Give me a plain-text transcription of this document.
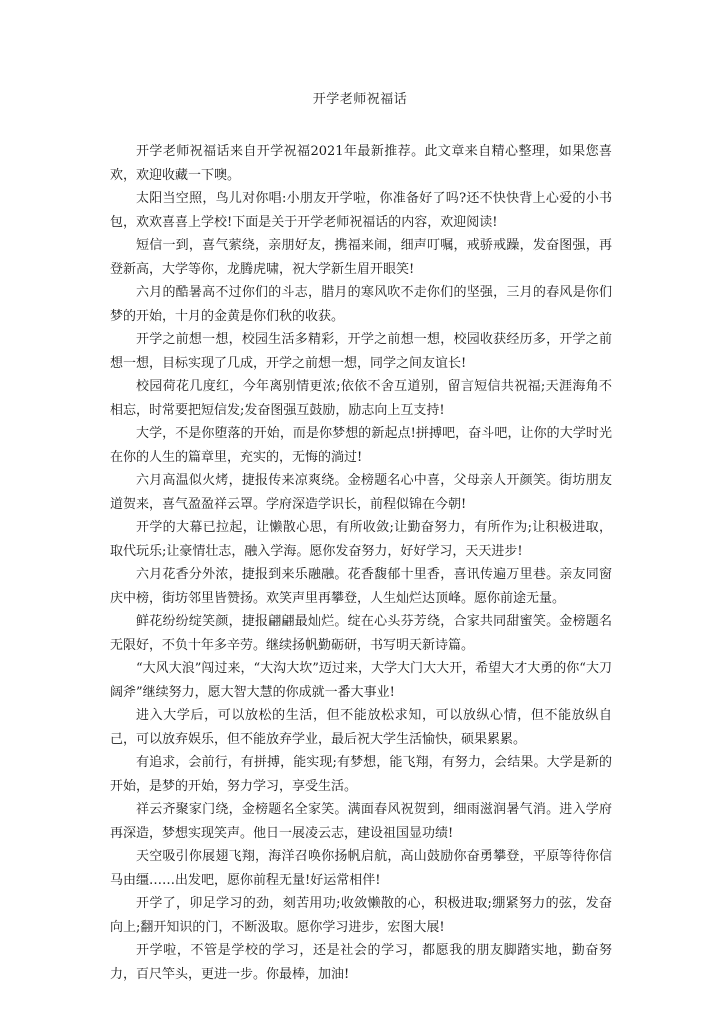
开学老师祝福话

开学老师祝福话来自开学祝福2021年最新推荐。此文章来自精心整理，如果您喜欢，欢迎收藏一下噢。

太阳当空照，鸟儿对你唱:小朋友开学啦，你准备好了吗?还不快快背上心爱的小书包，欢欢喜喜上学校!下面是关于开学老师祝福话的内容，欢迎阅读!

短信一到，喜气萦绕，亲朋好友，携福来闹，细声叮嘱，戒骄戒躁，发奋图强，再登新高，大学等你，龙腾虎啸，祝大学新生眉开眼笑!

六月的酷暑高不过你们的斗志，腊月的寒风吹不走你们的坚强，三月的春风是你们梦的开始，十月的金黄是你们秋的收获。

开学之前想一想，校园生活多精彩，开学之前想一想，校园收获经历多，开学之前想一想，目标实现了几成，开学之前想一想，同学之间友谊长!

校园荷花几度红，今年离别情更浓;依依不舍互道别，留言短信共祝福;天涯海角不相忘，时常要把短信发;发奋图强互鼓励，励志向上互支持!

大学，不是你堕落的开始，而是你梦想的新起点!拼搏吧，奋斗吧，让你的大学时光在你的人生的篇章里，充实的，无悔的淌过!

六月高温似火烤，捷报传来凉爽绕。金榜题名心中喜，父母亲人开颜笑。街坊朋友道贺来，喜气盈盈祥云罩。学府深造学识长，前程似锦在今朝!

开学的大幕已拉起，让懒散心思，有所收敛;让勤奋努力，有所作为;让积极进取，取代玩乐;让豪情壮志，融入学海。愿你发奋努力，好好学习，天天进步!

六月花香分外浓，捷报到来乐融融。花香馥郁十里香，喜讯传遍万里巷。亲友同窗庆中榜，街坊邻里皆赞扬。欢笑声里再攀登，人生灿烂达顶峰。愿你前途无量。

鲜花纷纷绽笑颜，捷报翩翩最灿烂。绽在心头芬芳绕，合家共同甜蜜笑。金榜题名无限好，不负十年多辛劳。继续扬帆勤砺研，书写明天新诗篇。

“大风大浪”闯过来，“大沟大坎”迈过来，大学大门大大开，希望大才大勇的你“大刀阔斧”继续努力，愿大智大慧的你成就一番大事业!

进入大学后，可以放松的生活，但不能放松求知，可以放纵心情，但不能放纵自己，可以放弃娱乐，但不能放弃学业，最后祝大学生活愉快，硕果累累。

有追求，会前行，有拼搏，能实现;有梦想，能飞翔，有努力，会结果。大学是新的开始，是梦的开始，努力学习，享受生活。

祥云齐聚家门绕，金榜题名全家笑。满面春风祝贺到，细雨滋润暑气消。进入学府再深造，梦想实现笑声。他日一展凌云志，建设祖国显功绩!

天空吸引你展翅飞翔，海洋召唤你扬帆启航，高山鼓励你奋勇攀登，平原等待你信马由缰……出发吧，愿你前程无量!好运常相伴!

开学了，卯足学习的劲，刻苦用功;收敛懒散的心，积极进取;绷紧努力的弦，发奋向上;翻开知识的门，不断汲取。愿你学习进步，宏图大展!

开学啦，不管是学校的学习，还是社会的学习，都愿我的朋友脚踏实地，勤奋努力，百尺竿头，更进一步。你最棒，加油!
